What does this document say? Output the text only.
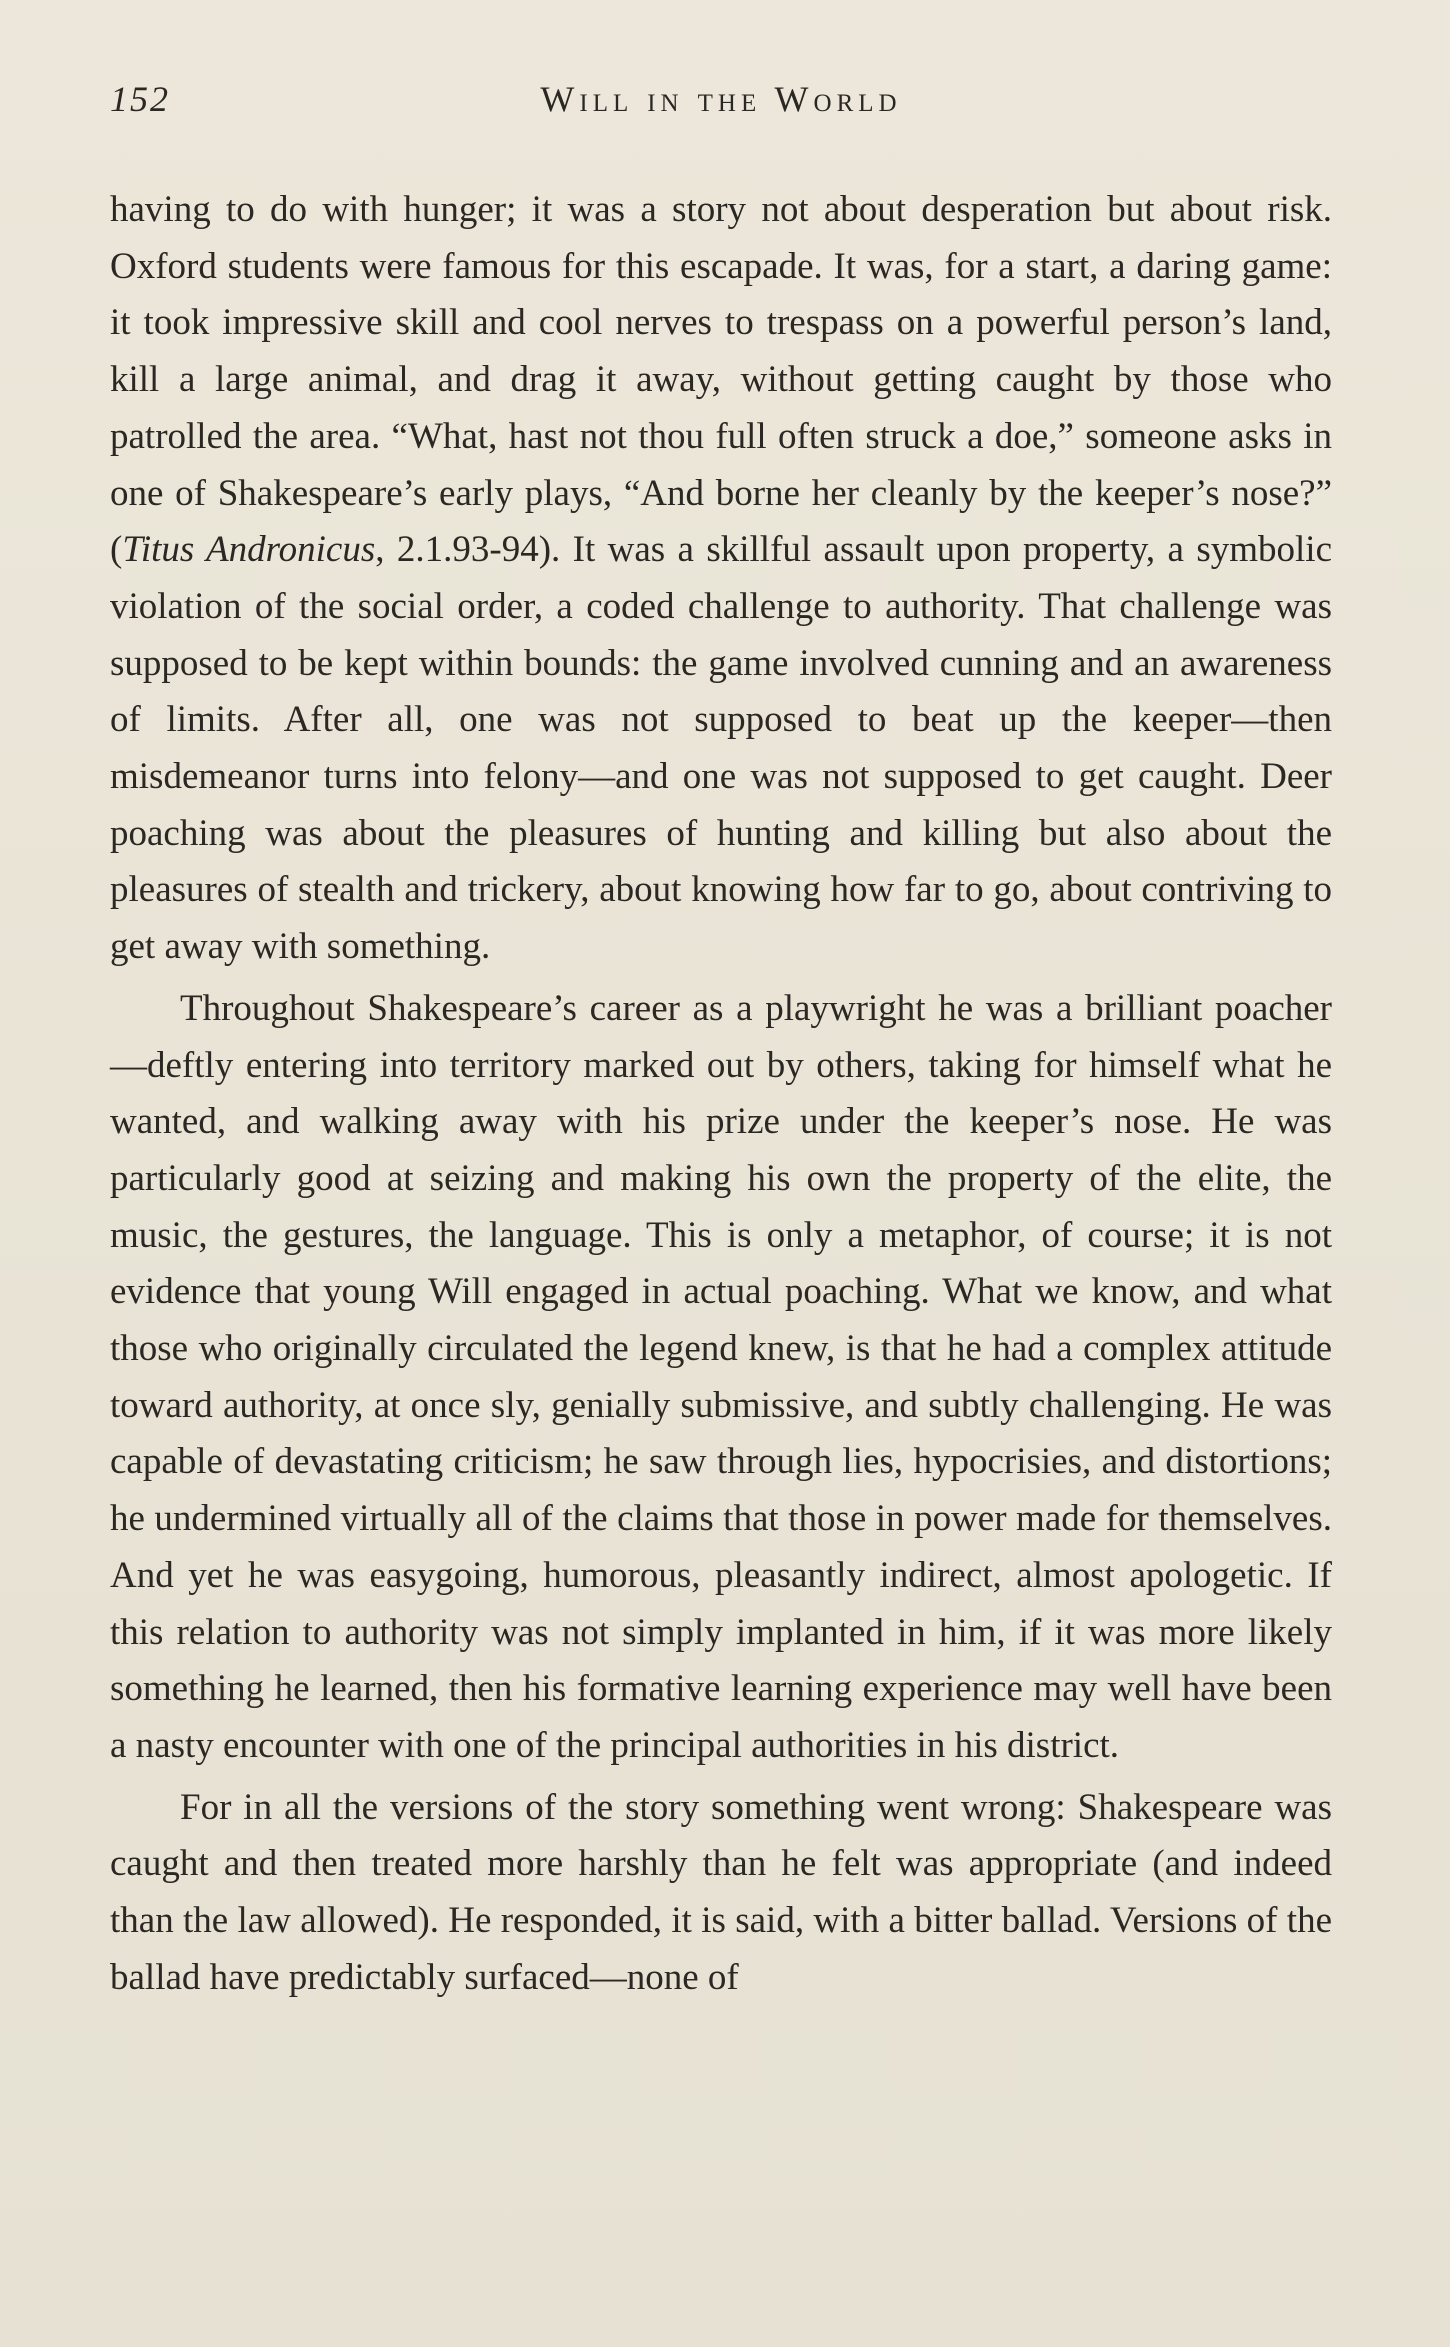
152	Will in the World

having to do with hunger; it was a story not about desperation but about risk. Oxford students were famous for this escapade. It was, for a start, a daring game: it took impressive skill and cool nerves to trespass on a powerful person’s land, kill a large animal, and drag it away, without getting caught by those who patrolled the area. “What, hast not thou full often struck a doe,” someone asks in one of Shakespeare’s early plays, “And borne her cleanly by the keeper’s nose?” (Titus Andronicus, 2.1.93-94). It was a skillful assault upon property, a symbolic violation of the social order, a coded challenge to authority. That challenge was supposed to be kept within bounds: the game involved cunning and an awareness of limits. After all, one was not supposed to beat up the keeper—then misdemeanor turns into felony—and one was not supposed to get caught. Deer poaching was about the pleasures of hunting and killing but also about the pleasures of stealth and trickery, about knowing how far to go, about contriving to get away with something.

Throughout Shakespeare’s career as a playwright he was a brilliant poacher—deftly entering into territory marked out by others, taking for himself what he wanted, and walking away with his prize under the keeper’s nose. He was particularly good at seizing and making his own the property of the elite, the music, the gestures, the language. This is only a metaphor, of course; it is not evidence that young Will engaged in actual poaching. What we know, and what those who originally circulated the legend knew, is that he had a complex attitude toward authority, at once sly, genially submissive, and subtly challenging. He was capable of devastating criticism; he saw through lies, hypocrisies, and distortions; he undermined virtually all of the claims that those in power made for themselves. And yet he was easygoing, humorous, pleasantly indirect, almost apologetic. If this relation to authority was not simply implanted in him, if it was more likely something he learned, then his formative learning experience may well have been a nasty encounter with one of the principal authorities in his district.

For in all the versions of the story something went wrong: Shakespeare was caught and then treated more harshly than he felt was appropriate (and indeed than the law allowed). He responded, it is said, with a bitter ballad. Versions of the ballad have predictably surfaced—none of
